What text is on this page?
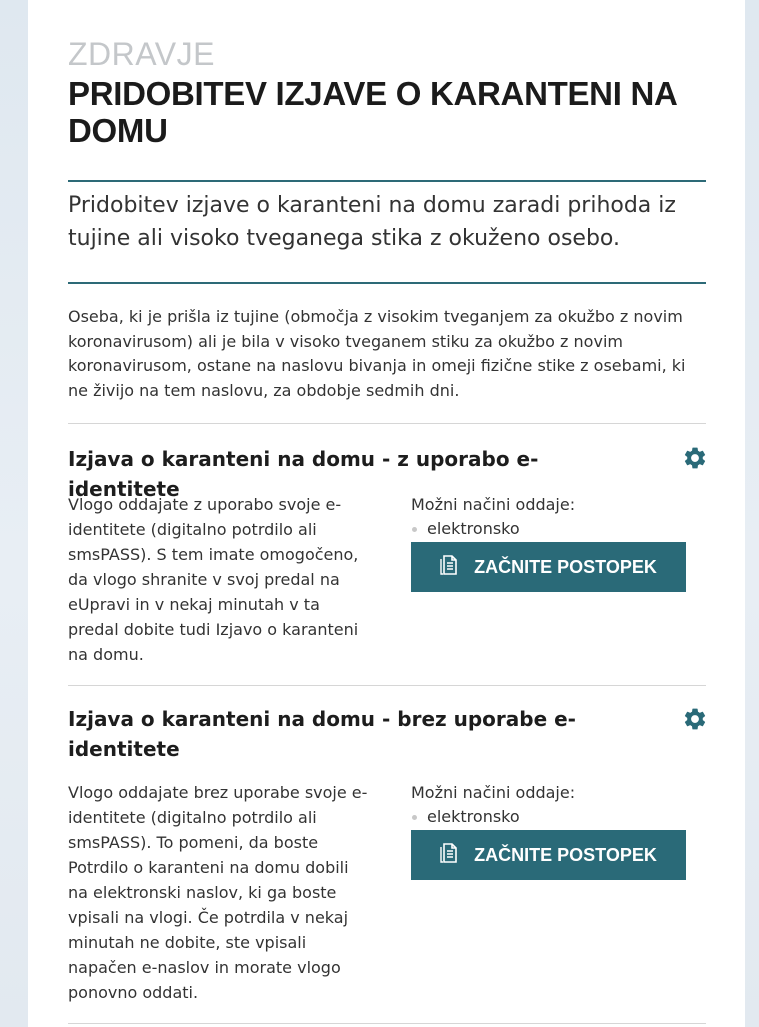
ZDRAVJE
PRIDOBITEV IZJAVE O KARANTENI NA DOMU

Pridobitev izjave o karanteni na domu zaradi prihoda iz tujine ali visoko tveganega stika z okuženo osebo.

Oseba, ki je prišla iz tujine (območja z visokim tveganjem za okužbo z novim koronavirusom) ali je bila v visoko tveganem stiku za okužbo z novim koronavirusom, ostane na naslovu bivanja in omeji fizične stike z osebami, ki ne živijo na tem naslovu, za obdobje sedmih dni.

Izjava o karanteni na domu - z uporabo e-identitete

Vlogo oddajate z uporabo svoje e-identitete (digitalno potrdilo ali smsPASS). S tem imate omogočeno, da vlogo shranite v svoj predal na eUpravi in v nekaj minutah v ta predal dobite tudi Izjavo o karanteni na domu.

Možni načini oddaje:
elektronsko
ZAČNITE POSTOPEK
Izjava o karanteni na domu - brez uporabe e-identitete

Vlogo oddajate brez uporabe svoje e-identitete (digitalno potrdilo ali smsPASS). To pomeni, da boste Potrdilo o karanteni na domu dobili na elektronski naslov, ki ga boste vpisali na vlogi. Če potrdila v nekaj minutah ne dobite, ste vpisali napačen e-naslov in morate vlogo ponovno oddati.

Možni načini oddaje:
elektronsko
ZAČNITE POSTOPEK
